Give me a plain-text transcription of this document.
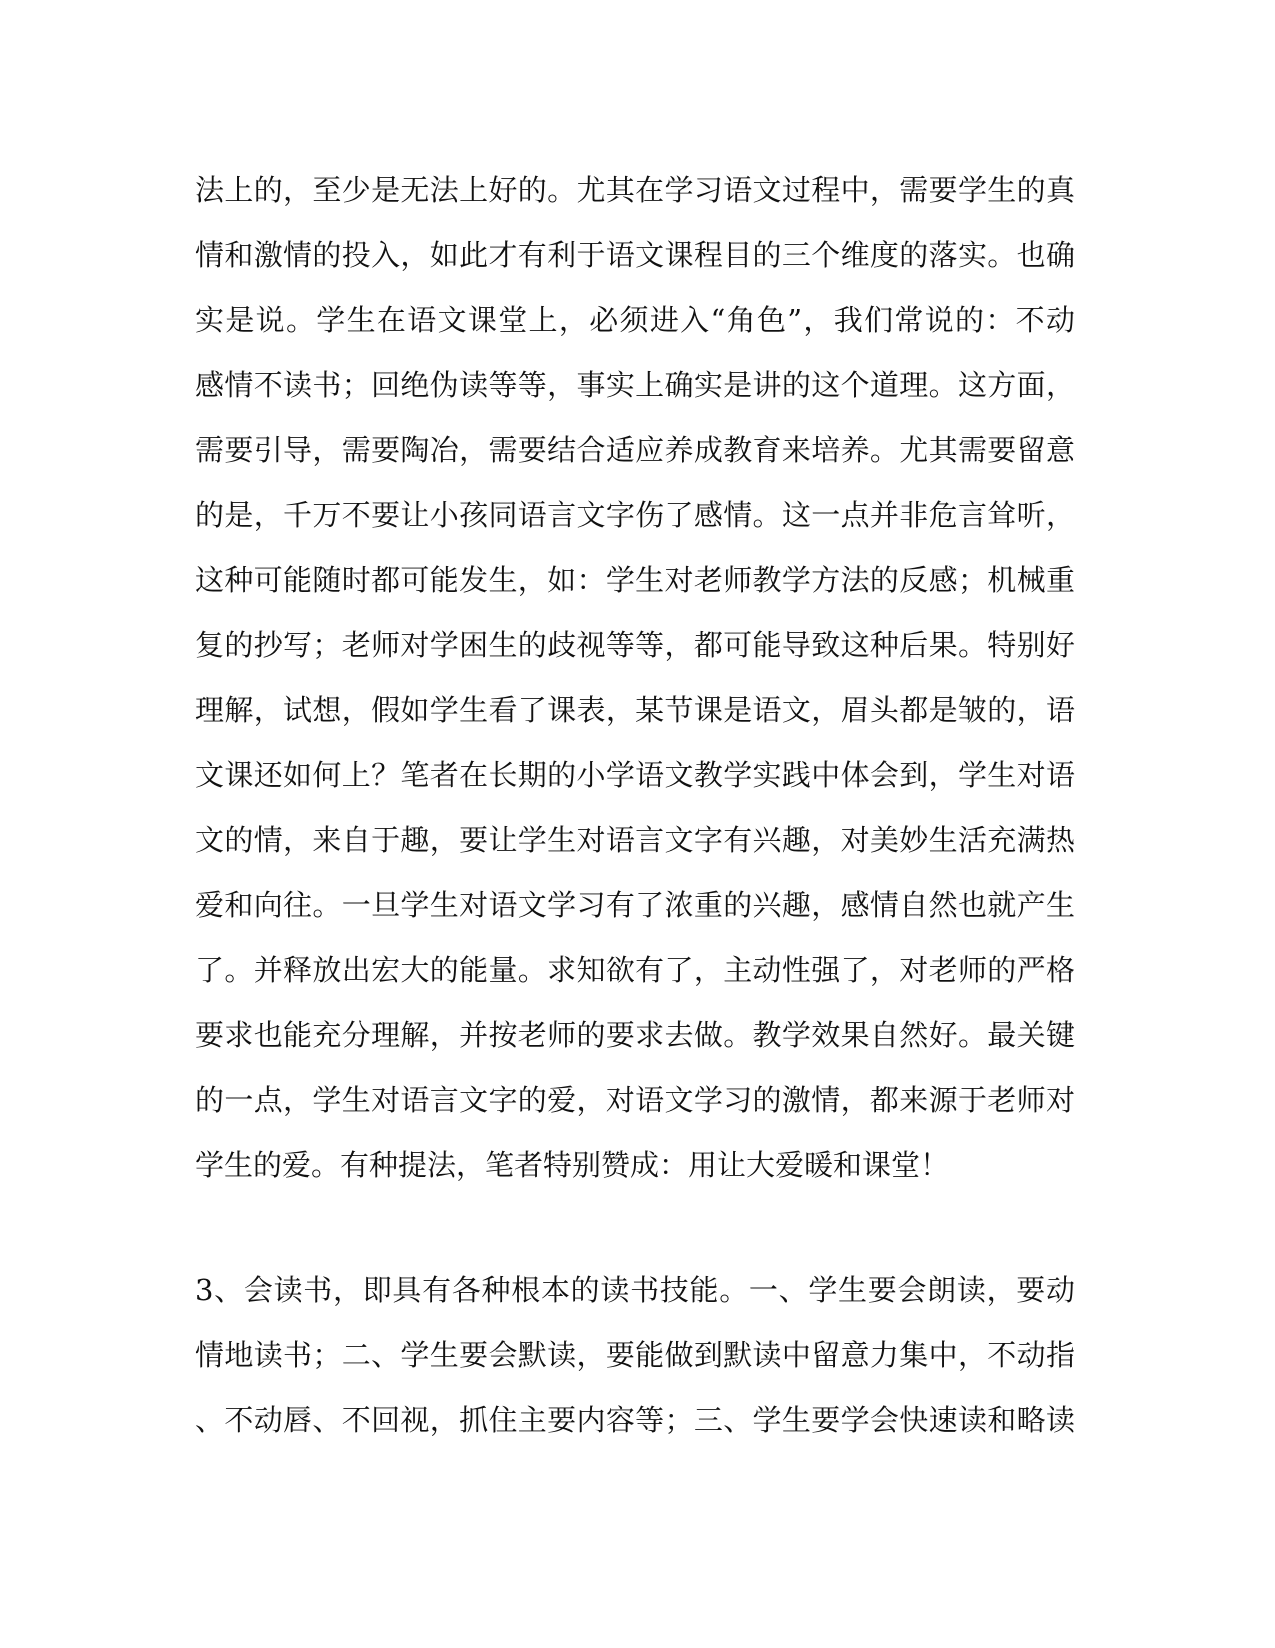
法上的，至少是无法上好的。尤其在学习语文过程中，需要学生的真
情和激情的投入，如此才有利于语文课程目的三个维度的落实。也确
实是说。学生在语文课堂上，必须进入“角色”，我们常说的：不动
感情不读书；回绝伪读等等，事实上确实是讲的这个道理。这方面，
需要引导，需要陶冶，需要结合适应养成教育来培养。尤其需要留意
的是，千万不要让小孩同语言文字伤了感情。这一点并非危言耸听，
这种可能随时都可能发生，如：学生对老师教学方法的反感；机械重
复的抄写；老师对学困生的歧视等等，都可能导致这种后果。特别好
理解，试想，假如学生看了课表，某节课是语文，眉头都是皱的，语
文课还如何上？笔者在长期的小学语文教学实践中体会到，学生对语
文的情，来自于趣，要让学生对语言文字有兴趣，对美妙生活充满热
爱和向往。一旦学生对语文学习有了浓重的兴趣，感情自然也就产生
了。并释放出宏大的能量。求知欲有了，主动性强了，对老师的严格
要求也能充分理解，并按老师的要求去做。教学效果自然好。最关键
的一点，学生对语言文字的爱，对语文学习的激情，都来源于老师对
学生的爱。有种提法，笔者特别赞成：用让大爱暖和课堂！
3、会读书，即具有各种根本的读书技能。一、学生要会朗读，要动
情地读书；二、学生要会默读，要能做到默读中留意力集中，不动指
、不动唇、不回视，抓住主要内容等；三、学生要学会快速读和略读
